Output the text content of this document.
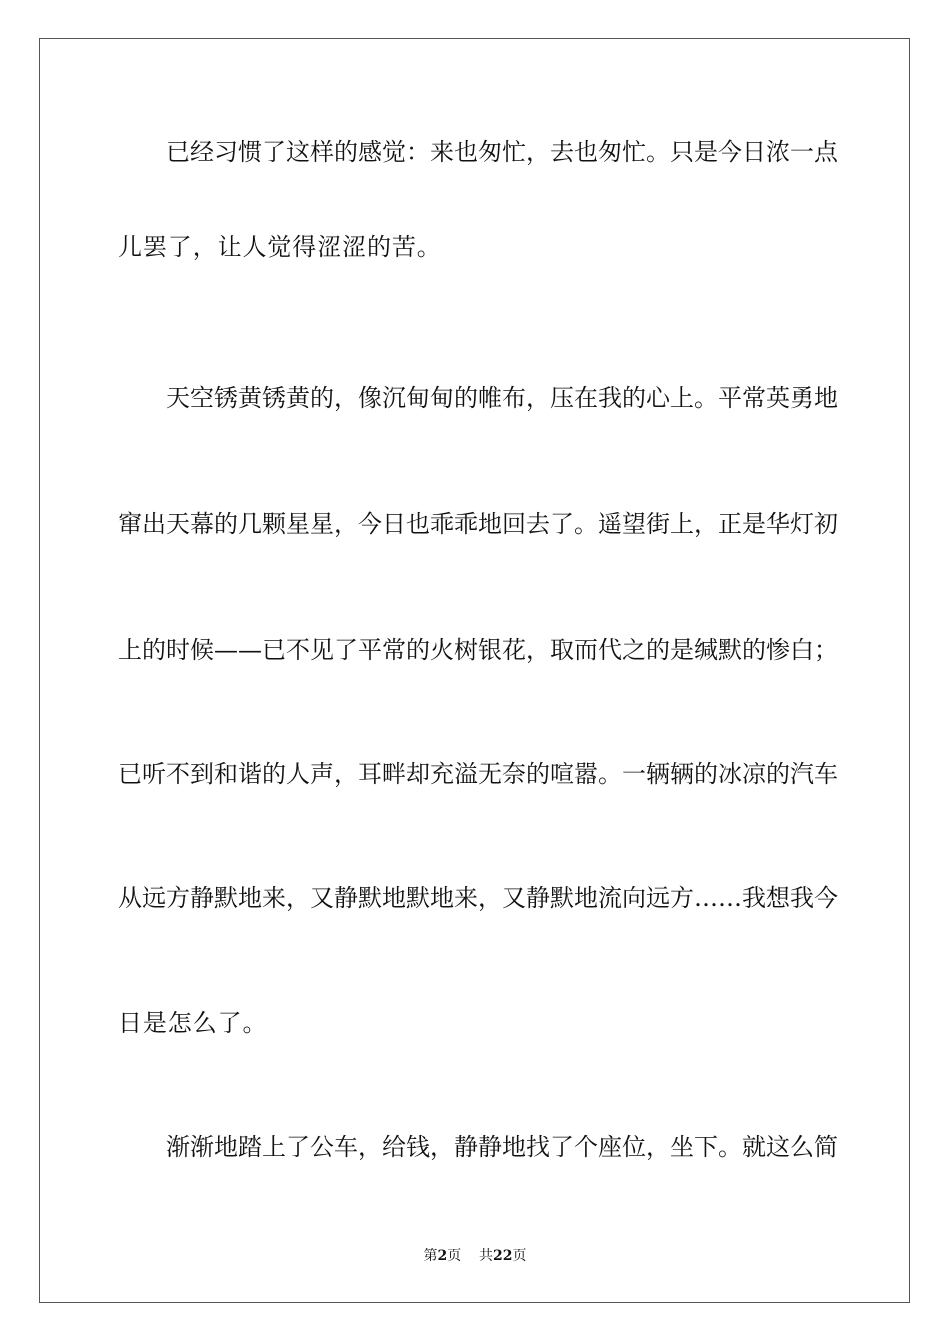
已经习惯了这样的感觉：来也匆忙，去也匆忙。只是今日浓一点
儿罢了，让人觉得涩涩的苦。
天空锈黄锈黄的，像沉甸甸的帷布，压在我的心上。平常英勇地
窜出天幕的几颗星星，今日也乖乖地回去了。遥望街上，正是华灯初
上的时候——已不见了平常的火树银花，取而代之的是缄默的惨白；
已听不到和谐的人声，耳畔却充溢无奈的喧嚣。一辆辆的冰凉的汽车
从远方静默地来，又静默地默地来，又静默地流向远方……我想我今
日是怎么了。
渐渐地踏上了公车，给钱，静静地找了个座位，坐下。就这么简
第2页 共22页
